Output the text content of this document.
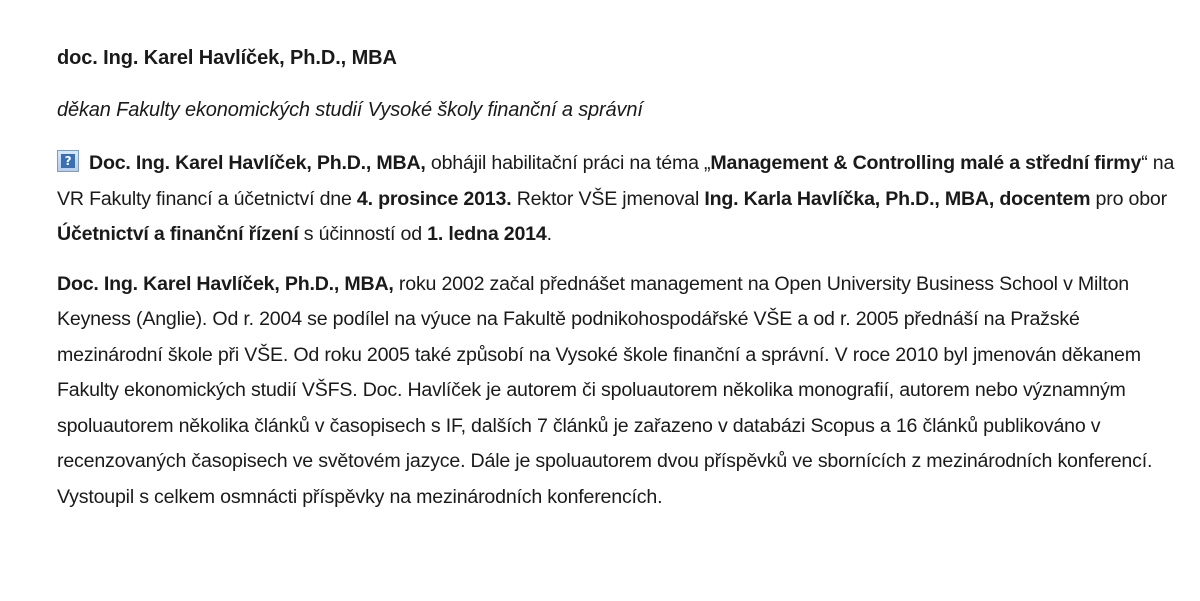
doc. Ing. Karel Havlíček, Ph.D., MBA
děkan Fakulty ekonomických studií Vysoké školy finanční a správní

? Doc. Ing. Karel Havlíček, Ph.D., MBA, obhájil habilitační práci na téma „Management & Controlling malé a střední firmy“ na VR Fakulty financí a účetnictví dne 4. prosince 2013. Rektor VŠE jmenoval Ing. Karla Havlíčka, Ph.D., MBA, docentem pro obor Účetnictví a finanční řízení s účinností od 1. ledna 2014.

Doc. Ing. Karel Havlíček, Ph.D., MBA, roku 2002 začal přednášet management na Open University Business School v Milton Keyness (Anglie). Od r. 2004 se podílel na výuce na Fakultě podnikohospodářské VŠE a od r. 2005 přednáší na Pražské mezinárodní škole při VŠE. Od roku 2005 také způsobí na Vysoké škole finanční a správní. V roce 2010 byl jmenován děkanem Fakulty ekonomických studií VŠFS. Doc. Havlíček je autorem či spoluautorem několika monografií, autorem nebo významným spoluautorem několika článků v časopisech s IF, dalších 7 článků je zařazeno v databázi Scopus a 16 článků publikováno v recenzovaných časopisech ve světovém jazyce. Dále je spoluautorem dvou příspěvků ve sbornících z mezinárodních konferencí. Vystoupil s celkem osmnácti příspěvky na mezinárodních konferencích.
